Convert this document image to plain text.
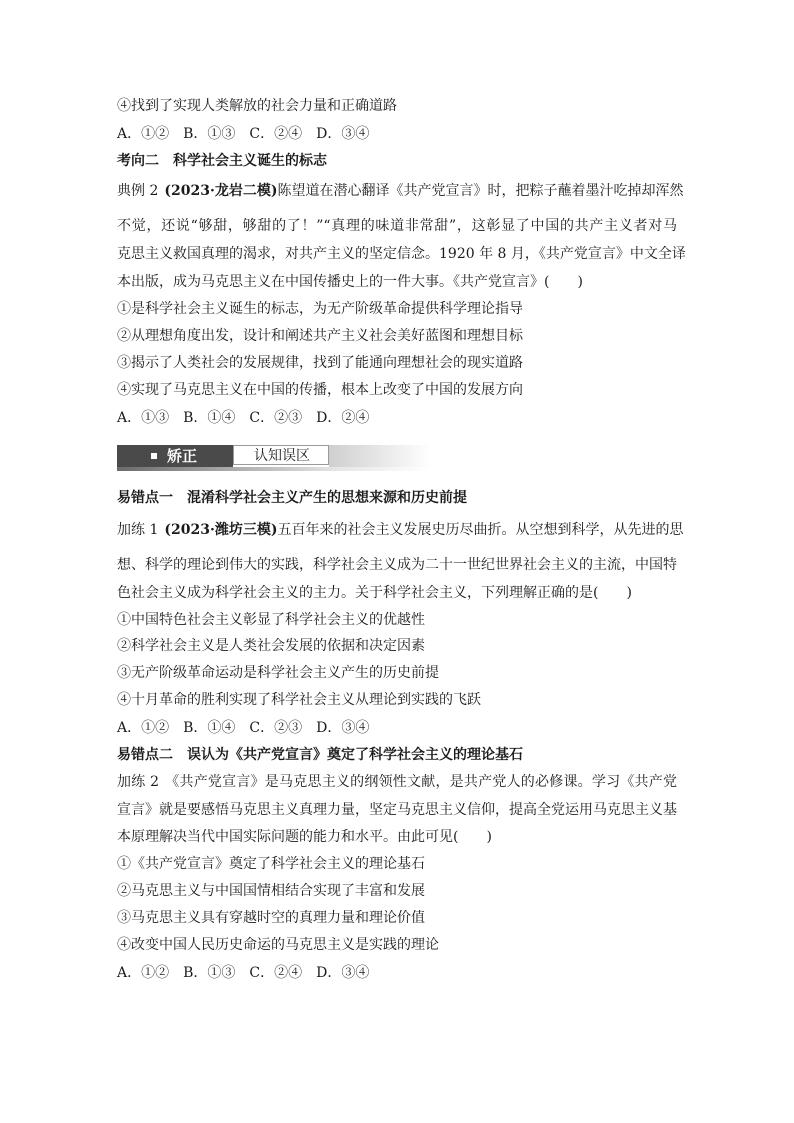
④找到了实现人类解放的社会力量和正确道路
A．①② B．①③ C．②④ D．③④
考向二　科学社会主义诞生的标志
典例 2 (2023·龙岩二模)陈望道在潜心翻译《共产党宣言》时，把粽子蘸着墨汁吃掉却浑然
不觉，还说“够甜，够甜的了！”“真理的味道非常甜”，这彰显了中国的共产主义者对马
克思主义救国真理的渴求，对共产主义的坚定信念。1920 年 8 月，《共产党宣言》中文全译
本出版，成为马克思主义在中国传播史上的一件大事。《共产党宣言》(　　)
①是科学社会主义诞生的标志，为无产阶级革命提供科学理论指导
②从理想角度出发，设计和阐述共产主义社会美好蓝图和理想目标
③揭示了人类社会的发展规律，找到了能通向理想社会的现实道路
④实现了马克思主义在中国的传播，根本上改变了中国的发展方向
A．①③ B．①④ C．②③ D．②④
矫正	认知误区
易错点一　混淆科学社会主义产生的思想来源和历史前提
加练 1 (2023·潍坊三模)五百年来的社会主义发展史历尽曲折。从空想到科学，从先进的思
想、科学的理论到伟大的实践，科学社会主义成为二十一世纪世界社会主义的主流，中国特
色社会主义成为科学社会主义的主力。关于科学社会主义，下列理解正确的是(　　)
①中国特色社会主义彰显了科学社会主义的优越性
②科学社会主义是人类社会发展的依据和决定因素
③无产阶级革命运动是科学社会主义产生的历史前提
④十月革命的胜利实现了科学社会主义从理论到实践的飞跃
A．①② B．①④ C．②③ D．③④
易错点二　误认为《共产党宣言》奠定了科学社会主义的理论基石
加练 2 《共产党宣言》是马克思主义的纲领性文献，是共产党人的必修课。学习《共产党
宣言》就是要感悟马克思主义真理力量，坚定马克思主义信仰，提高全党运用马克思主义基
本原理解决当代中国实际问题的能力和水平。由此可见(　　)
①《共产党宣言》奠定了科学社会主义的理论基石
②马克思主义与中国国情相结合实现了丰富和发展
③马克思主义具有穿越时空的真理力量和理论价值
④改变中国人民历史命运的马克思主义是实践的理论
A．①② B．①③ C．②④ D．③④
